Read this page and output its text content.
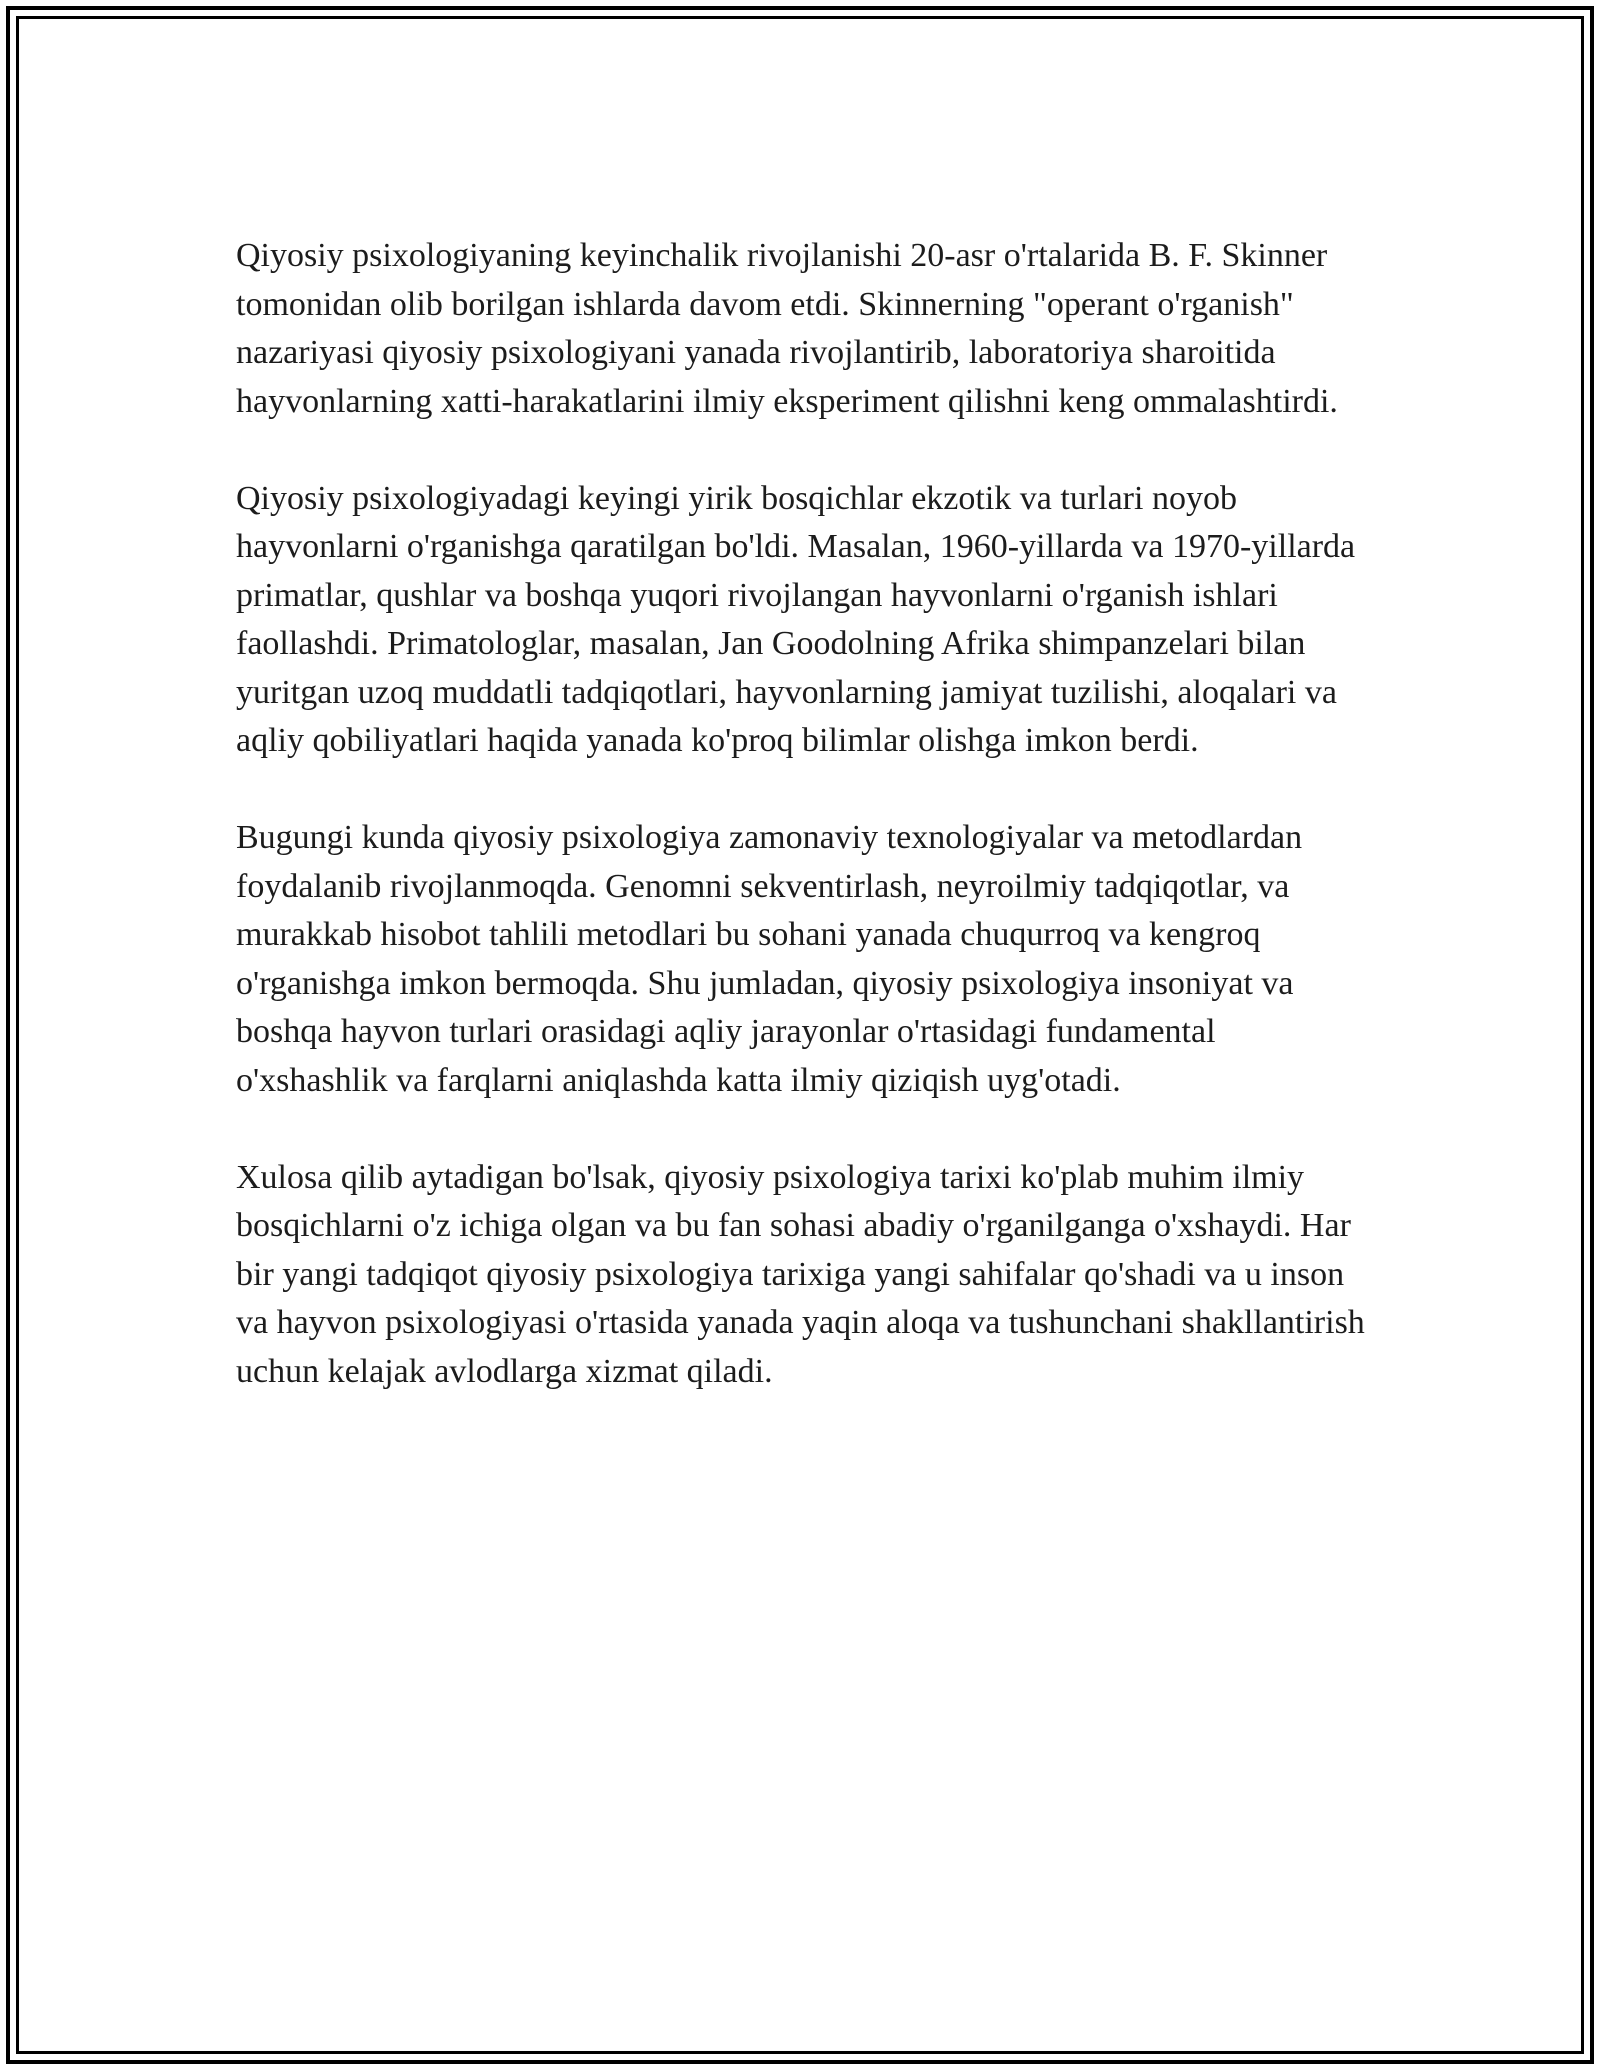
Qiyosiy psixologiyaning keyinchalik rivojlanishi 20-asr o'rtalarida B. F. Skinner tomonidan olib borilgan ishlarda davom etdi. Skinnerning "operant o'rganish" nazariyasi qiyosiy psixologiyani yanada rivojlantirib, laboratoriya sharoitida hayvonlarning xatti-harakatlarini ilmiy eksperiment qilishni keng ommalashtirdi.

Qiyosiy psixologiyadagi keyingi yirik bosqichlar ekzotik va turlari noyob hayvonlarni o'rganishga qaratilgan bo'ldi. Masalan, 1960-yillarda va 1970-yillarda primatlar, qushlar va boshqa yuqori rivojlangan hayvonlarni o'rganish ishlari faollashdi. Primatologlar, masalan, Jan Goodolning Afrika shimpanzelari bilan yuritgan uzoq muddatli tadqiqotlari, hayvonlarning jamiyat tuzilishi, aloqalari va aqliy qobiliyatlari haqida yanada ko'proq bilimlar olishga imkon berdi.

Bugungi kunda qiyosiy psixologiya zamonaviy texnologiyalar va metodlardan foydalanib rivojlanmoqda. Genomni sekventirlash, neyroilmiy tadqiqotlar, va murakkab hisobot tahlili metodlari bu sohani yanada chuqurroq va kengroq o'rganishga imkon bermoqda. Shu jumladan, qiyosiy psixologiya insoniyat va boshqa hayvon turlari orasidagi aqliy jarayonlar o'rtasidagi fundamental o'xshashlik va farqlarni aniqlashda katta ilmiy qiziqish uyg'otadi.

Xulosa qilib aytadigan bo'lsak, qiyosiy psixologiya tarixi ko'plab muhim ilmiy bosqichlarni o'z ichiga olgan va bu fan sohasi abadiy o'rganilganga o'xshaydi. Har bir yangi tadqiqot qiyosiy psixologiya tarixiga yangi sahifalar qo'shadi va u inson va hayvon psixologiyasi o'rtasida yanada yaqin aloqa va tushunchani shakllantirish uchun kelajak avlodlarga xizmat qiladi.
